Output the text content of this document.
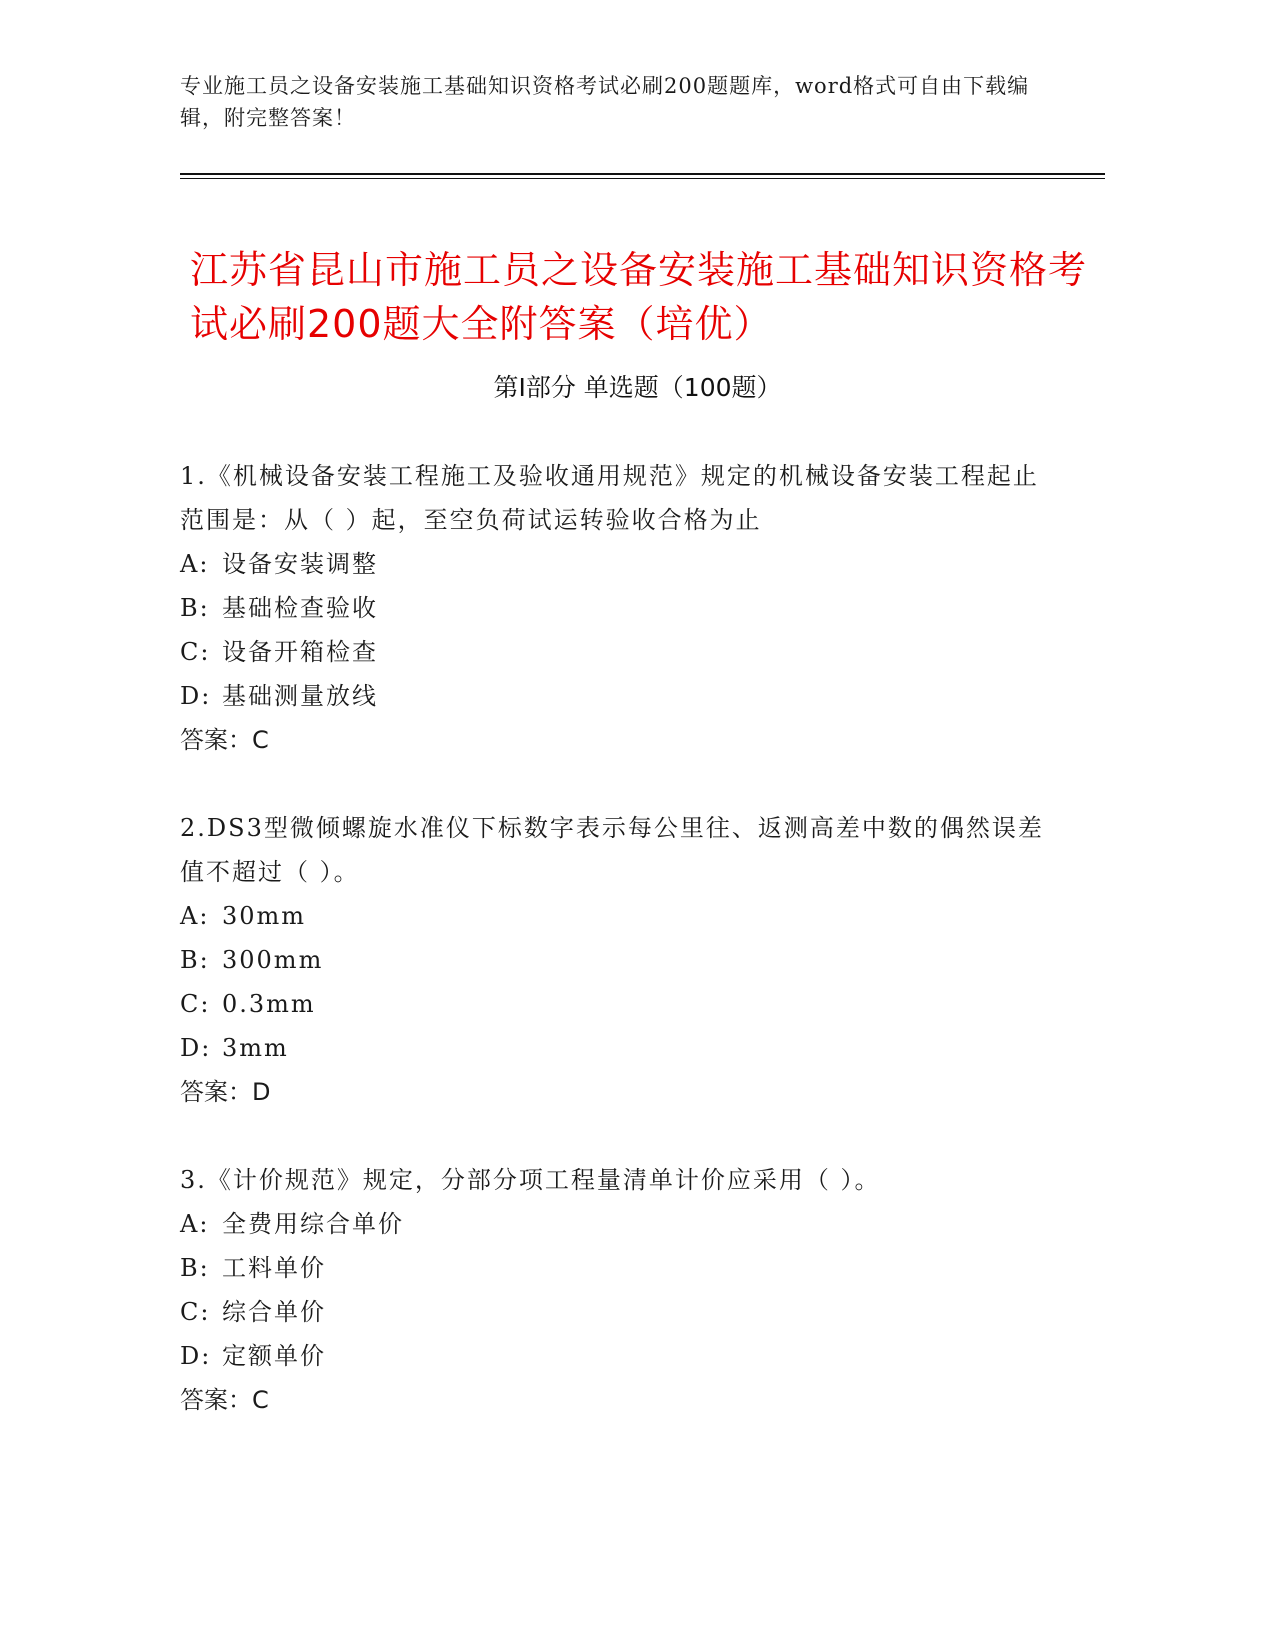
专业施工员之设备安装施工基础知识资格考试必刷200题题库，word格式可自由下载编辑，附完整答案！
江苏省昆山市施工员之设备安装施工基础知识资格考试必刷200题大全附答案（培优）
第I部分 单选题（100题）

1.《机械设备安装工程施工及验收通用规范》规定的机械设备安装工程起止范围是：从（ ）起，至空负荷试运转验收合格为止

A: 设备安装调整
B: 基础检查验收
C: 设备开箱检查
D: 基础测量放线

答案：C

2.DS3型微倾螺旋水准仪下标数字表示每公里往、返测高差中数的偶然误差值不超过（ ）。

A: 30mm
B: 300mm
C: 0.3mm
D: 3mm

答案：D

3.《计价规范》规定，分部分项工程量清单计价应采用（ ）。

A: 全费用综合单价
B: 工料单价
C: 综合单价
D: 定额单价

答案：C
